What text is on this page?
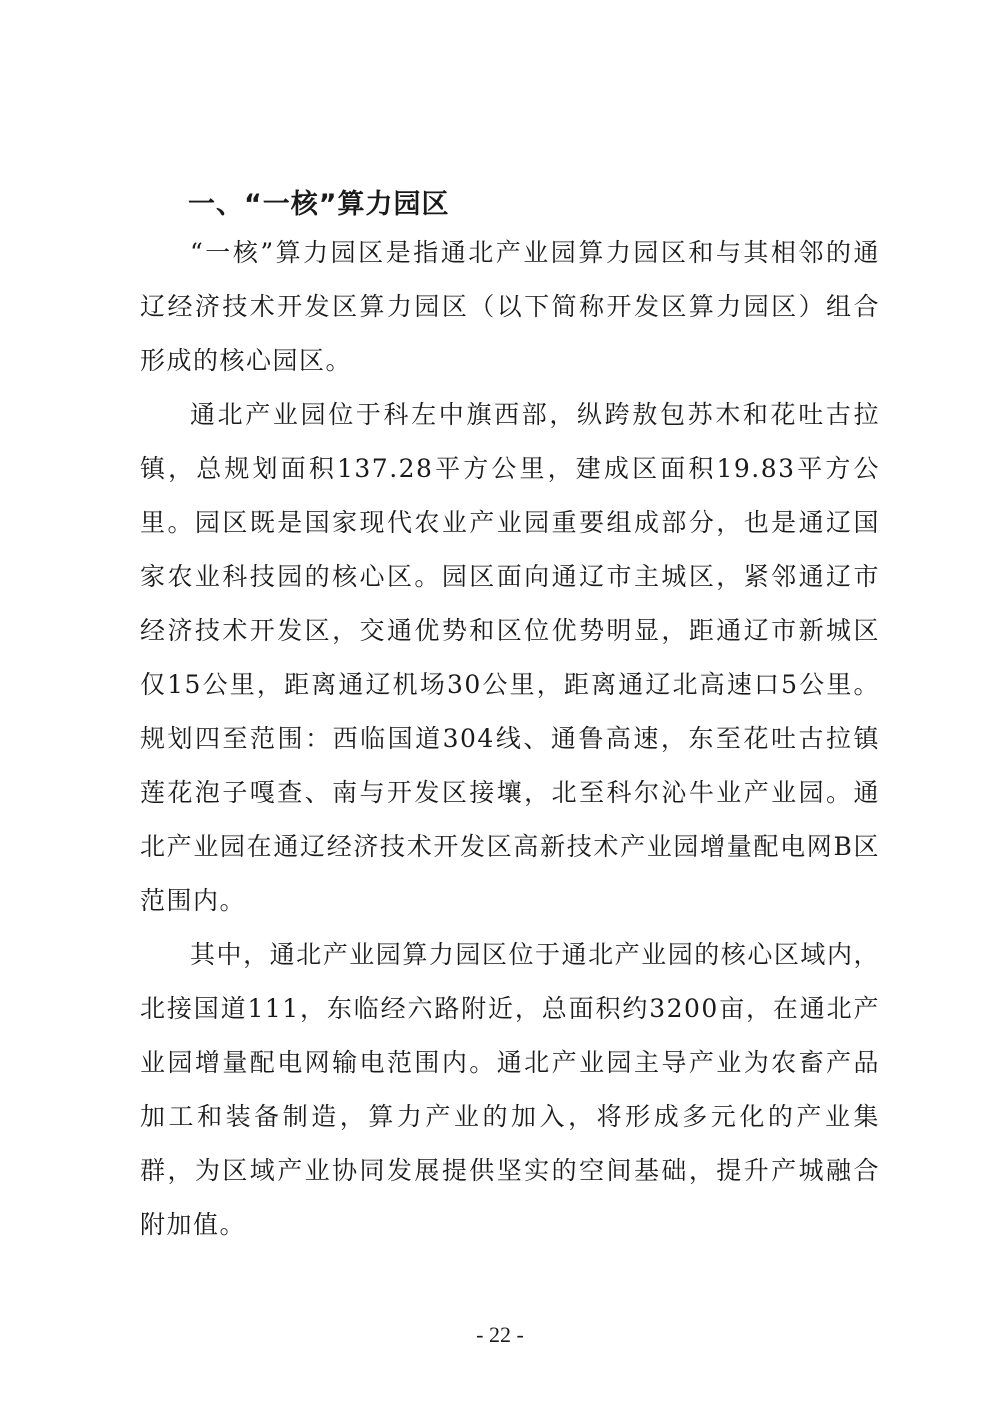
一、“一核”算力园区

“一核”算力园区是指通北产业园算力园区和与其相邻的通辽经济技术开发区算力园区（以下简称开发区算力园区）组合形成的核心园区。

通北产业园位于科左中旗西部，纵跨敖包苏木和花吐古拉镇，总规划面积137.28平方公里，建成区面积19.83平方公里。园区既是国家现代农业产业园重要组成部分，也是通辽国家农业科技园的核心区。园区面向通辽市主城区，紧邻通辽市经济技术开发区，交通优势和区位优势明显，距通辽市新城区仅15公里，距离通辽机场30公里，距离通辽北高速口5公里。规划四至范围：西临国道304线、通鲁高速，东至花吐古拉镇莲花泡子嘎查、南与开发区接壤，北至科尔沁牛业产业园。通北产业园在通辽经济技术开发区高新技术产业园增量配电网B区范围内。

其中，通北产业园算力园区位于通北产业园的核心区域内，北接国道111，东临经六路附近，总面积约3200亩，在通北产业园增量配电网输电范围内。通北产业园主导产业为农畜产品加工和装备制造，算力产业的加入，将形成多元化的产业集群，为区域产业协同发展提供坚实的空间基础，提升产城融合附加值。

- 22 -
